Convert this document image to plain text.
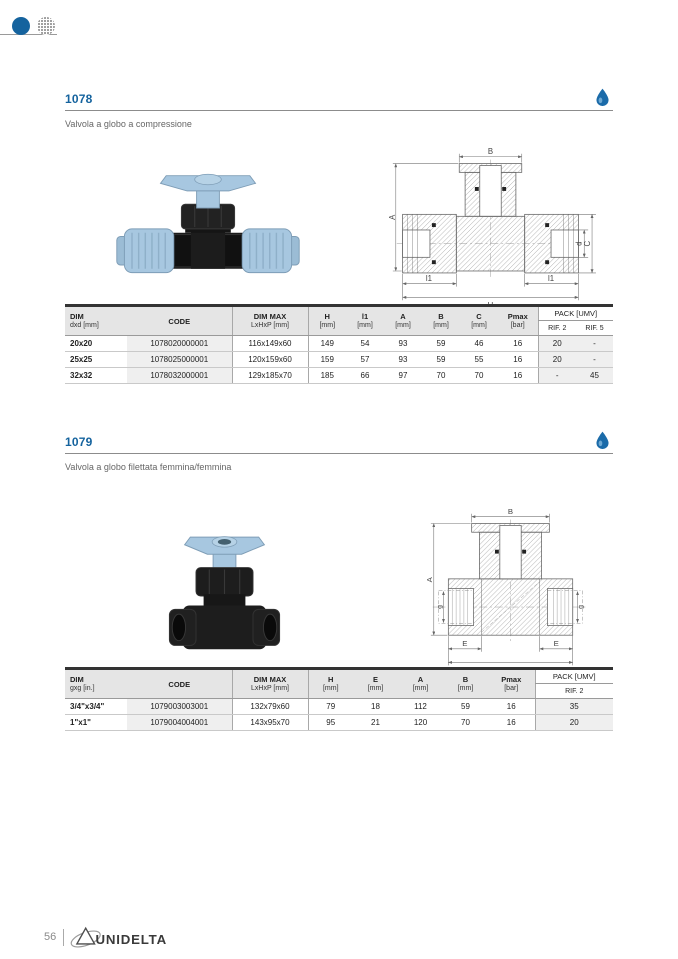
1078
Valvola a globo a compressione
B
A
l1	l1
d C
DIM
dxd [mm]	CODE	DIM MAX
LxHxP [mm]

H
[mm]

l1
[mm]

A
[mm]

B
[mm]

C
[mm]

Pmax
[bar]
	PACK [UMV]
									RIF. 2	RIF. 5
20x20	1078020000001	116x149x60	149	54	93	59	46	16	20	-
25x25	1078025000001	120x159x60	159	57	93	59	55	16	20	-
32x32	1078032000001	129x185x70	185	66	97	70	70	16	-	45
1079
Valvola a globo filettata femmina/femmina
B
A
g	g
E	E
DIM
gxg [in.]	CODE	DIM MAX
LxHxP [mm]

H
[mm]

E
[mm]

A
[mm]

B
[mm]

Pmax
[bar]
	PACK [UMV]
								RIF. 2
3/4"x3/4"	1079003003001	132x79x60	79	18	112	59	16	35
1"x1"	1079004004001	143x95x70	95	21	120	70	16	20
56	UNIDELTA
